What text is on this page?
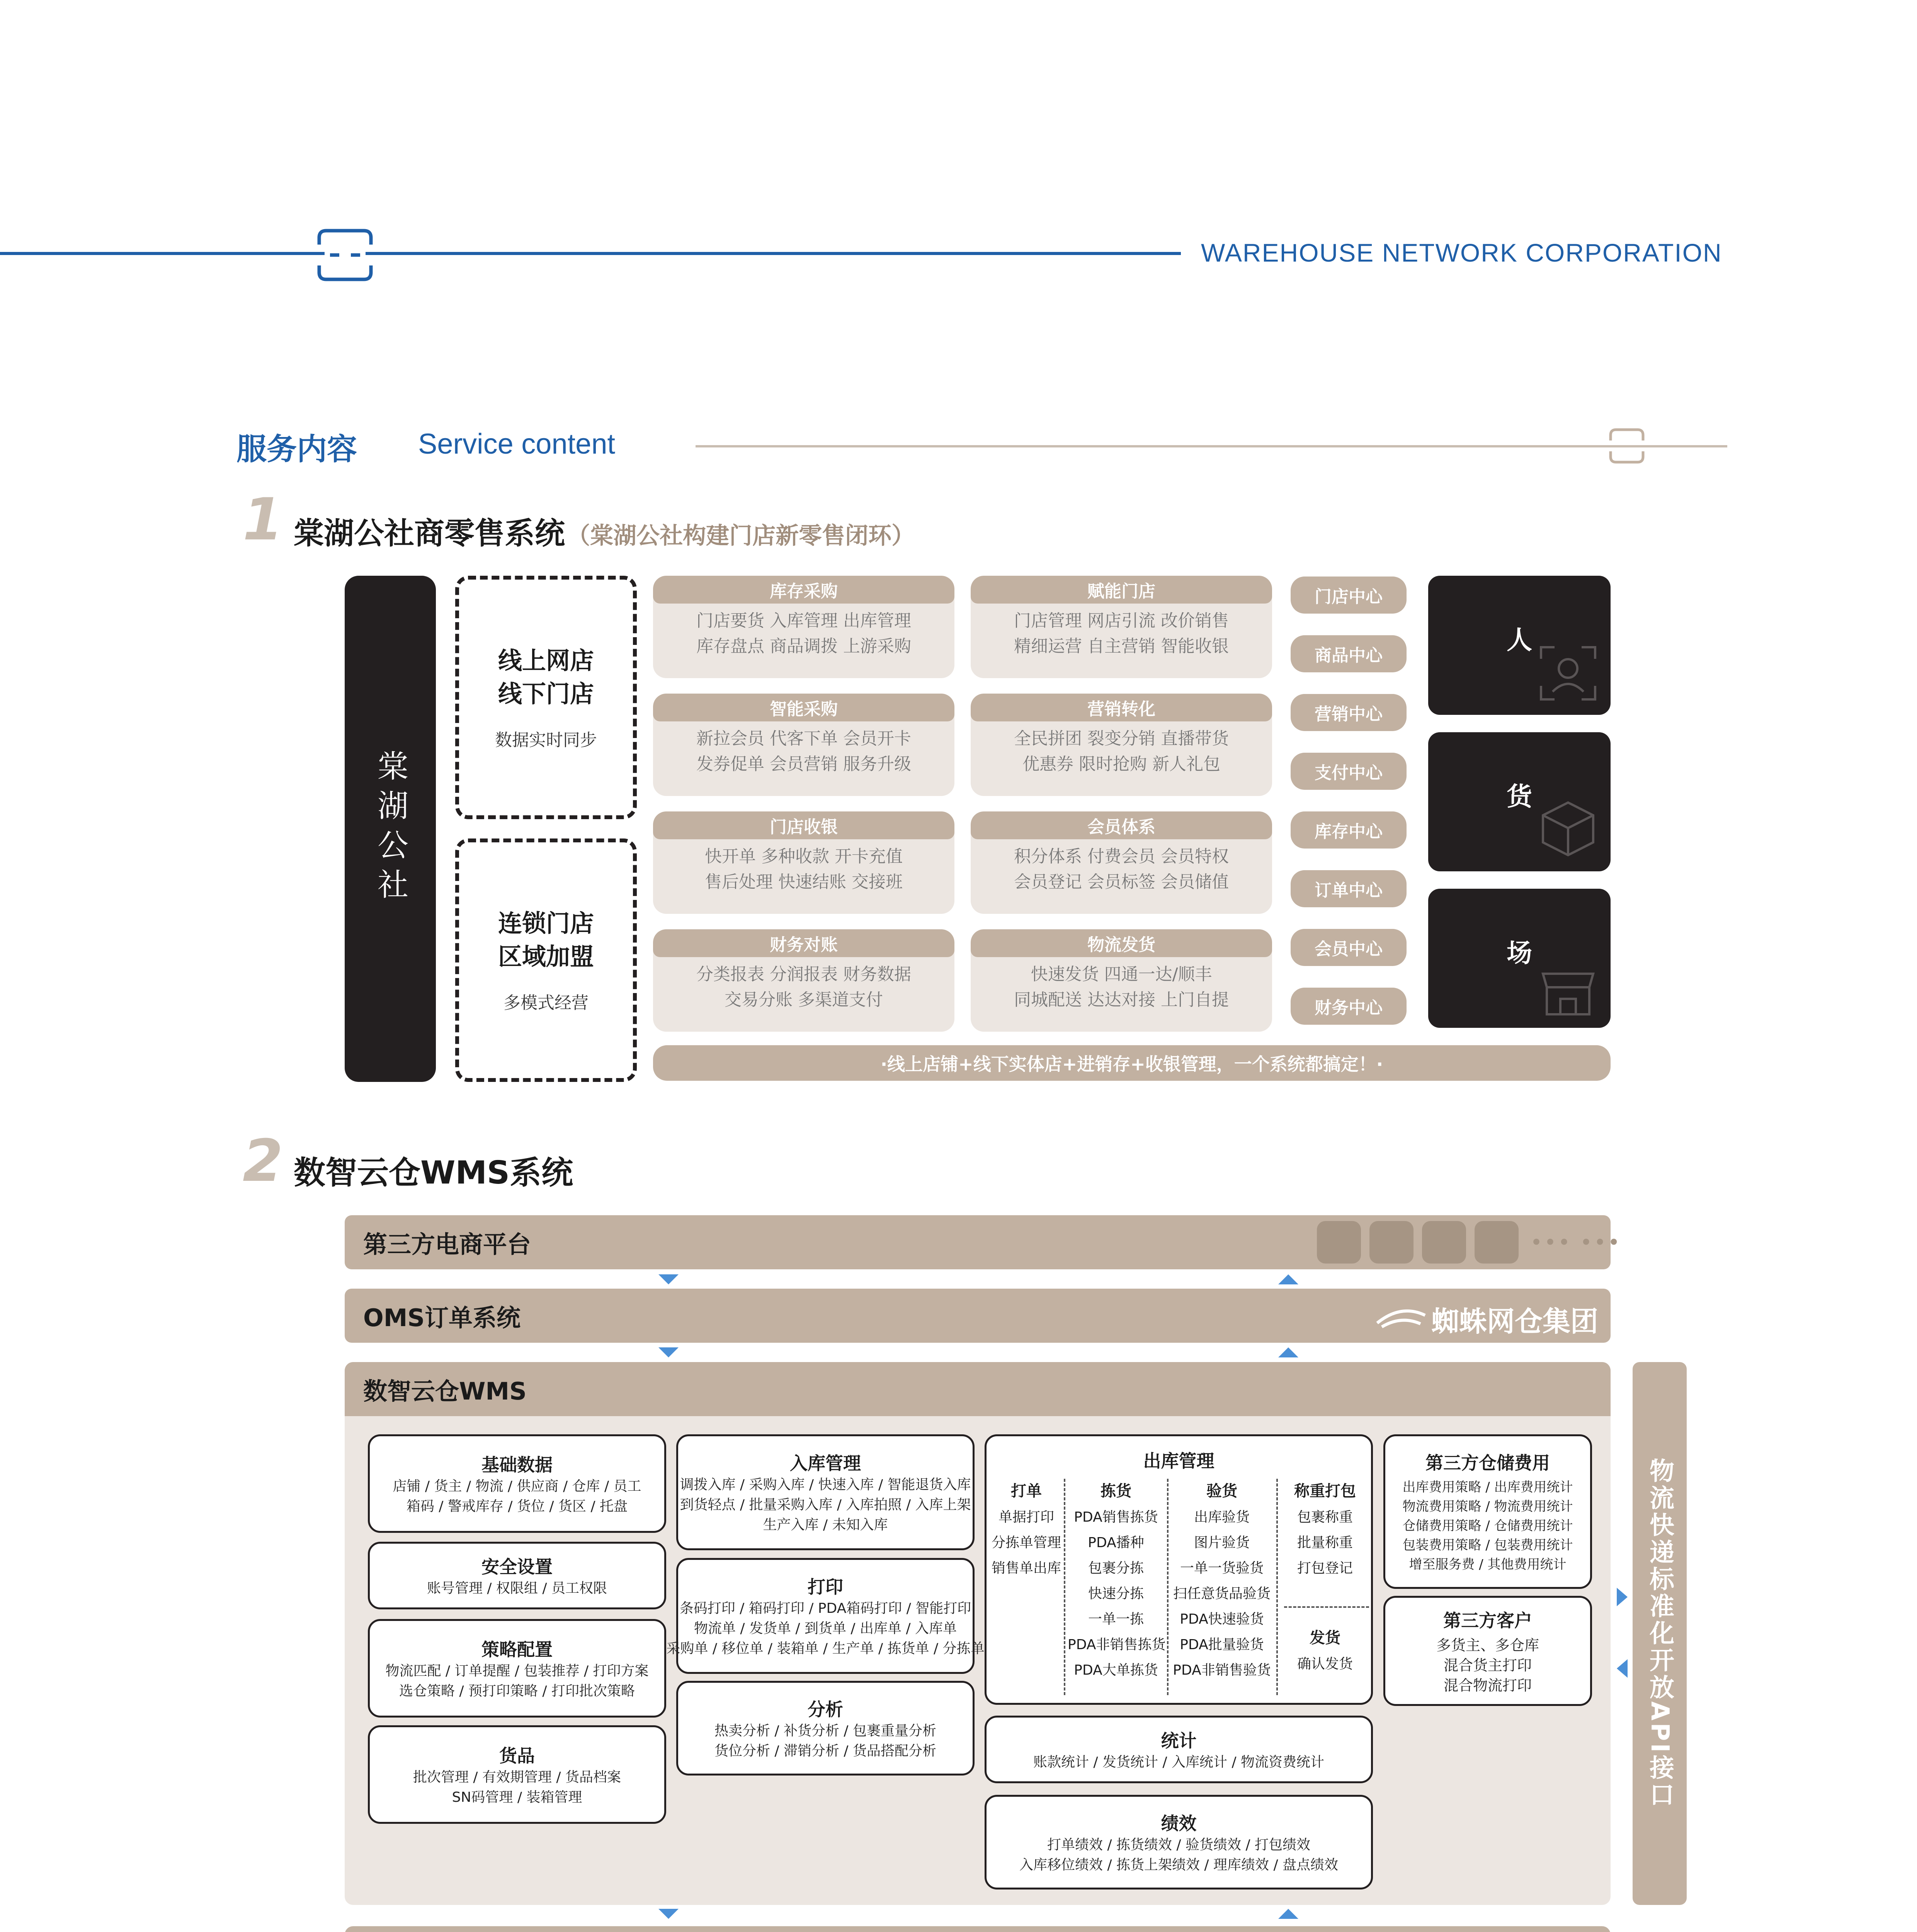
WAREHOUSE NETWORK CORPORATION
服务内容 Service content
1 棠湖公社商零售系统 （棠湖公社构建门店新零售闭环）
棠湖公社
线上网店
线下门店
数据实时同步
连锁门店
区域加盟
多模式经营
库存采购
门店要货 入库管理 出库管理
库存盘点 商品调拨 上游采购
智能采购
新拉会员 代客下单 会员开卡
发券促单 会员营销 服务升级
门店收银
快开单 多种收款 开卡充值
售后处理 快速结账 交接班
财务对账
分类报表 分润报表 财务数据
交易分账 多渠道支付
赋能门店
门店管理 网店引流 改价销售
精细运营 自主营销 智能收银
营销转化
全民拼团 裂变分销 直播带货
优惠券 限时抢购 新人礼包
会员体系
积分体系 付费会员 会员特权
会员登记 会员标签 会员储值
物流发货
快速发货 四通一达/顺丰
同城配送 达达对接 上门自提
门店中心
商品中心
营销中心
支付中心
库存中心
订单中心
会员中心
财务中心
人
货
场
·线上店铺+线下实体店+进销存+收银管理，一个系统都搞定！·
2 数智云仓WMS系统
第三方电商平台	••• •••
OMS订单系统	蜘蛛网仓集团
数智云仓WMS
物流快递标准化开放API接口
基础数据
店铺 / 货主 / 物流 / 供应商 / 仓库 / 员工
箱码 / 警戒库存 / 货位 / 货区 / 托盘
安全设置
账号管理 / 权限组 / 员工权限
策略配置
物流匹配 / 订单提醒 / 包装推荐 / 打印方案
选仓策略 / 预打印策略 / 打印批次策略
货品
批次管理 / 有效期管理 / 货品档案
SN码管理 / 装箱管理
入库管理
调拨入库 / 采购入库 / 快速入库 / 智能退货入库
到货轻点 / 批量采购入库 / 入库拍照 / 入库上架
生产入库 / 未知入库
打印
条码打印 / 箱码打印 / PDA箱码打印 / 智能打印
物流单 / 发货单 / 到货单 / 出库单 / 入库单
采购单 / 移位单 / 装箱单 / 生产单 / 拣货单 / 分拣单
分析
热卖分析 / 补货分析 / 包裹重量分析
货位分析 / 滞销分析 / 货品搭配分析
出库管理
打单
单据打印
分拣单管理
销售单出库
拣货
PDA销售拣货
PDA播种
包裹分拣
快速分拣
一单一拣
PDA非销售拣货
PDA大单拣货
验货
出库验货
图片验货
一单一货验货
扫任意货品验货
PDA快速验货
PDA批量验货
PDA非销售验货
称重打包
包裹称重
批量称重
打包登记
发货
确认发货
统计
账款统计 / 发货统计 / 入库统计 / 物流资费统计
绩效
打单绩效 / 拣货绩效 / 验货绩效 / 打包绩效
入库移位绩效 / 拣货上架绩效 / 理库绩效 / 盘点绩效
第三方仓储费用
出库费用策略 / 出库费用统计
物流费用策略 / 物流费用统计
仓储费用策略 / 仓储费用统计
包装费用策略 / 包装费用统计
增至服务费 / 其他费用统计
第三方客户
多货主、多仓库
混合货主打印
混合物流打印
